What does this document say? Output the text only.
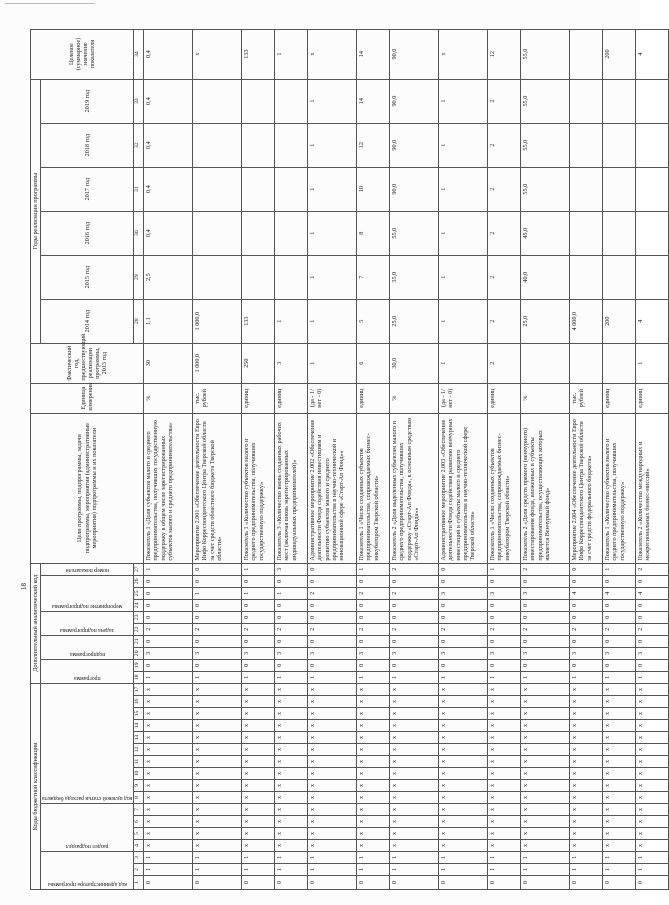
18
Коды бюджетной классификации																	Дополнительный аналитический код										Цели программы, подпрограммы, задачи подпрограммы, мероприятия (административные мероприятия) подпрограммы и их показатели	Единица измерения	Фактический год, предшествующий реализации программы, 2013 год	Годы реализации программы						Целевое (суммарное) значение показателя	

код администратора программы			раздел подраздел				код целевой статьи расхода бюджета										программа		подпрограмма		задача подпрограммы		мероприятие подпрограммы			номер показателя				2014 год	2015 год	2016 год	2017 год	2018 год	2019 год		
1	2	3	4	5	6	7	8	9	10	11	12	13	14	15	16	17	18	19	20	21	22	23	24	25	26	27				28	29	30	31	32	33	34			
0	1	1	x	x	x	x	x	x	x	x	x	x	x	x	x	x	1	0	3	0	2	0	0	0	0	1	Показатель 1 «Доля субъектов малого и среднего предпринимательства, получивших государственную поддержку в общем числе зарегистрированных субъектов малого и среднего предпринимательства»	%	30	1,1	2,5	0,4	0,4	0,4	0,4	0,4	
0	1	1	x	x	x	x	x	x	x	x	x	x	x	x	x	x	1	0	3	0	2	0	0	1	0	0	Мероприятие 2.001 «Обеспечение деятельности Евро Инфо Корреспондентского Центра Тверской области за счет средств областного бюджета Тверской области»	тыс. рублей	1 000,0	1 000,0						x	
0	1	1	x	x	x	x	x	x	x	x	x	x	x	x	x	x	1	0	3	0	2	0	0	1	0	1	Показатель 1 «Количество субъектов малого и среднего предпринимательства, получивших государственную поддержку»	единиц	250	133						133	
0	1	1	x	x	x	x	x	x	x	x	x	x	x	x	x	x	1	0	3	0	2	0	0	1	0	3	Показатель 3 «Количество вновь созданных рабочих мест (включая вновь зарегистрированных индивидуальных предпринимателей)»	единиц	3	1						1	
0	1	1	x	x	x	x	x	x	x	x	x	x	x	x	x	x	1	0	3	0	2	0	0	2	0	0	Административное мероприятие 2.002 «Обеспечение деятельности Фонда содействия инвестициям и развитию субъектов малого и среднего предпринимательства в научно-технической и инновационной сфере «Старт-Ап Фонд»»	(да - 1/ нет - 0)	1	1	1	1	1	1	1	x	
0	1	1	x	x	x	x	x	x	x	x	x	x	x	x	x	x	1	0	3	0	2	0	0	2	0	1	Показатель 1 «Число созданных субъектов предпринимательства, сопровождаемых бизнес-инкубатором Тверской области»	единиц	6	5	7	8	10	12	14	14	
0	1	1	x	x	x	x	x	x	x	x	x	x	x	x	x	x	1	0	3	0	2	0	0	2	0	2	Показатель 2 «Доля выделенных субъектам малого и среднего предпринимательства, получивших поддержку «Старт-Ап Фонда», к основным средствам «Старт-Ап Фонда»»	%	30,0	25,0	35,0	55,0	90,0	90,0	90,0	90,0	
0	1	1	x	x	x	x	x	x	x	x	x	x	x	x	x	x	1	0	3	0	2	0	0	3	0	0	Административное мероприятие 2.003 «Обеспечение деятельности Фонда содействия развитию венчурных инвестиций в субъекты малого и среднего предпринимательства в научно-технической сфере Тверской области»	(да - 1/ нет - 0)	1	1	1	1	1	1	1	x	
0	1	1	x	x	x	x	x	x	x	x	x	x	x	x	x	x	1	0	3	0	2	0	0	3	0	1	Показатель 1 «Число созданных субъектов предпринимательства, сопровождаемых бизнес-инкубатором Тверской области»	единиц	2	2	2	2	2	2	2	12	
0	1	1	x	x	x	x	x	x	x	x	x	x	x	x	x	x	1	0	3	0	2	0	0	3	0	2	Показатель 2 «Доля средств прямого (венчурного) инвестирования фонда, вложенных в субъекты предпринимательства, осуществляющих которых является Венчурный фонд»	%		25,0	40,0	45,0	55,0	55,0	55,0	55,0	
0	1	1	x	x	x	x	x	x	x	x	x	x	x	x	x	x	1	0	3	0	2	0	0	4	0	0	Мероприятие 2.004 «Обеспечение деятельности Евро Инфо Корреспондентского Центра Тверской области за счет средств федерального бюджета»	тыс. рублей		4 000,0							
0	1	1	x	x	x	x	x	x	x	x	x	x	x	x	x	x	1	0	3	0	2	0	0	4	0	1	Показатель 1 «Количество субъектов малого и среднего предпринимательства, получивших государственную поддержку»	единиц		200						200	
0	1	1	x	x	x	x	x	x	x	x	x	x	x	x	x	x	1	0	3	0	2	0	0	4	0	2	Показатель 2 «Количество международных и межрегиональных бизнес-миссий»	единиц	1	4						4	
